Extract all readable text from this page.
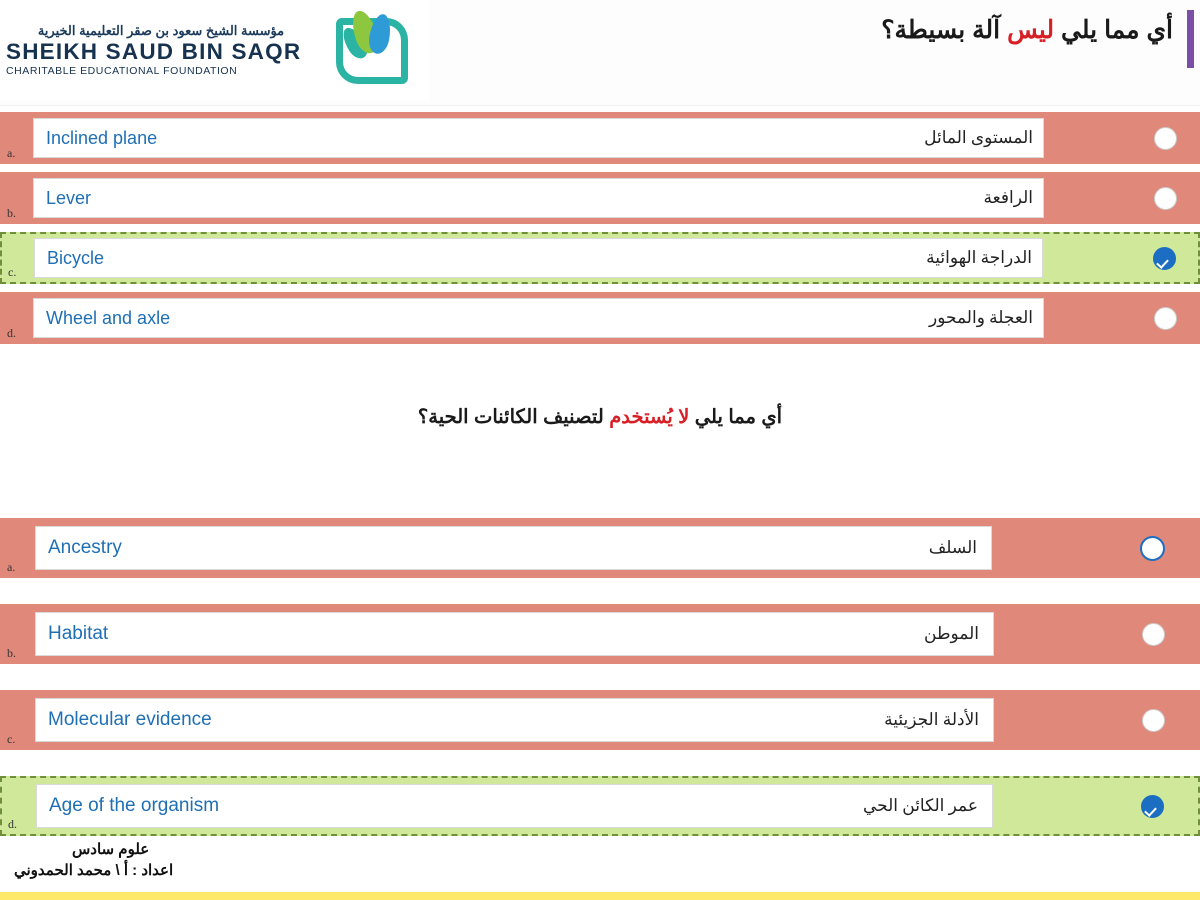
مؤسسة الشيخ سعود بن صقر التعليمية الخيرية
SHEIKH SAUD BIN SAQR
CHARITABLE EDUCATIONAL FOUNDATION
أي مما يلي ليس آلة بسيطة؟
a.
Inclined plane	المستوى المائل
b.
Lever	الرافعة
c.
Bicycle	الدراجة الهوائية
d.
Wheel and axle	العجلة والمحور
أي مما يلي لا يُستخدم لتصنيف الكائنات الحية؟
a.
Ancestry	السلف
b.
Habitat	الموطن
c.
Molecular evidence	الأدلة الجزيئية
d.
Age of the organism	عمر الكائن الحي
علوم سادس
اعداد : أ \ محمد الحمدوني
